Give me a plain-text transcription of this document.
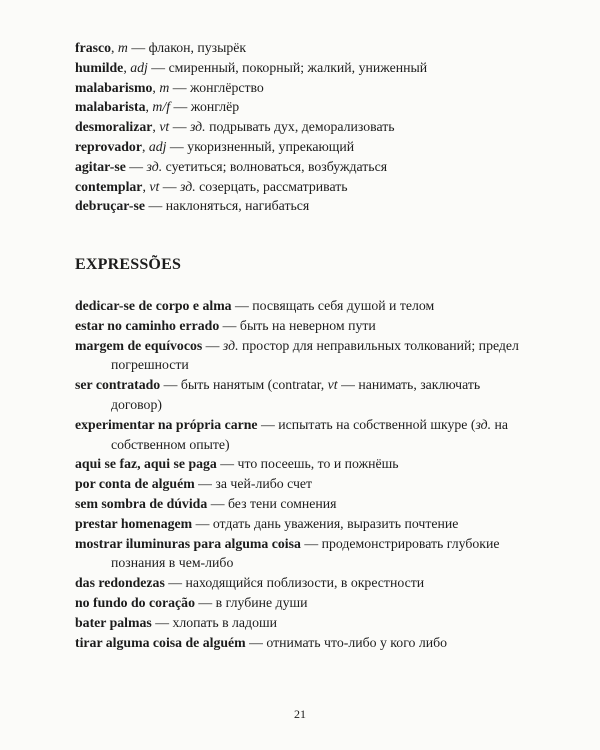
frasco, m — флакон, пузырёк
humilde, adj — смиренный, покорный; жалкий, униженный
malabarismo, m — жонглёрство
malabarista, m/f — жонглёр
desmoralizar, vt — зд. подрывать дух, деморализовать
reprovador, adj — укоризненный, упрекающий
agitar-se — зд. суетиться; волноваться, возбуждаться
contemplar, vt — зд. созерцать, рассматривать
debruçar-se — наклоняться, нагибаться
EXPRESSÕES
dedicar-se de corpo e alma — посвящать себя душой и телом
estar no caminho errado — быть на неверном пути
margem de equívocos — зд. простор для неправильных толкований; предел погрешности
ser contratado — быть нанятым (contratar, vt — нанимать, заключать договор)
experimentar na própria carne — испытать на собственной шкуре (зд. на собственном опыте)
aqui se faz, aqui se paga — что посеешь, то и пожнёшь
por conta de alguém — за чей-либо счет
sem sombra de dúvida — без тени сомнения
prestar homenagem — отдать дань уважения, выразить почтение
mostrar iluminuras para alguma coisa — продемонстрировать глубокие познания в чем-либо
das redondezas — находящийся поблизости, в окрестности
no fundo do coração — в глубине души
bater palmas — хлопать в ладоши
tirar alguma coisa de alguém — отнимать что-либо у кого либо
21
